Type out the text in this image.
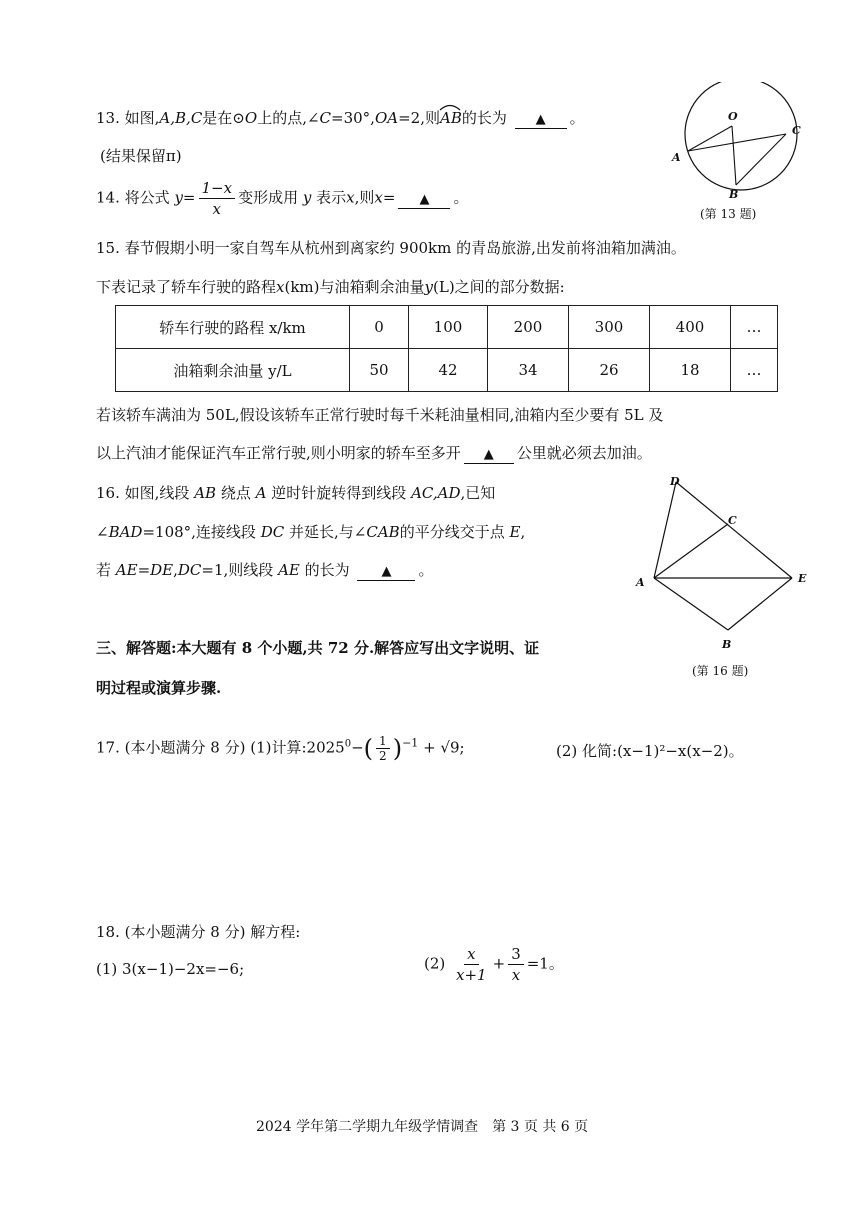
13. 如图,A,B,C是在⊙O上的点,∠C=30°,OA=2,则AB
的长为 ▲ 。
(结果保留π)
O
A
B
C
(第 13 题)
14. 将公式 $y= \frac{1-x}{x}$ 变形成用 y 表示x,则x= ▲ 。
15. 春节假期小明一家自驾车从杭州到离家约 900km 的青岛旅游,出发前将油箱加满油。
下表记录了轿车行驶的路程x(km)与油箱剩余油量y(L)之间的部分数据:
轿车行驶的路程 x/km	0	100	200	300	400	…
油箱剩余油量 y/L	50	42	34	26	18	…
若该轿车满油为 50L,假设该轿车正常行驶时每千米耗油量相同,油箱内至少要有 5L 及
以上汽油才能保证汽车正常行驶,则小明家的轿车至多开 ▲ 公里就必须去加油。
16. 如图,线段 AB 绕点 A 逆时针旋转得到线段 AC,AD,已知
∠BAD=108°,连接线段 DC 并延长,与∠CAB的平分线交于点 E,
若 AE=DE,DC=1,则线段 AE 的长为 ▲ 。
D
C
A	E
B
(第 16 题)
三、解答题:本大题有 8 个小题,共 72 分.解答应写出文字说明、证
明过程或演算步骤.
17. (本小题满分 8 分) (1)计算$:2025^0-( \frac{1}{2} )^{-1} + √9$;	(2) 化简:(x−1)²−x(x−2)。
18. (本小题满分 8 分) 解方程:
(1) 3(x−1)−2x=−6;	$(2) \frac{x}{x+1} + \frac{3}{x} =1$。
2024 学年第二学期九年级学情调查　第 3 页 共 6 页
